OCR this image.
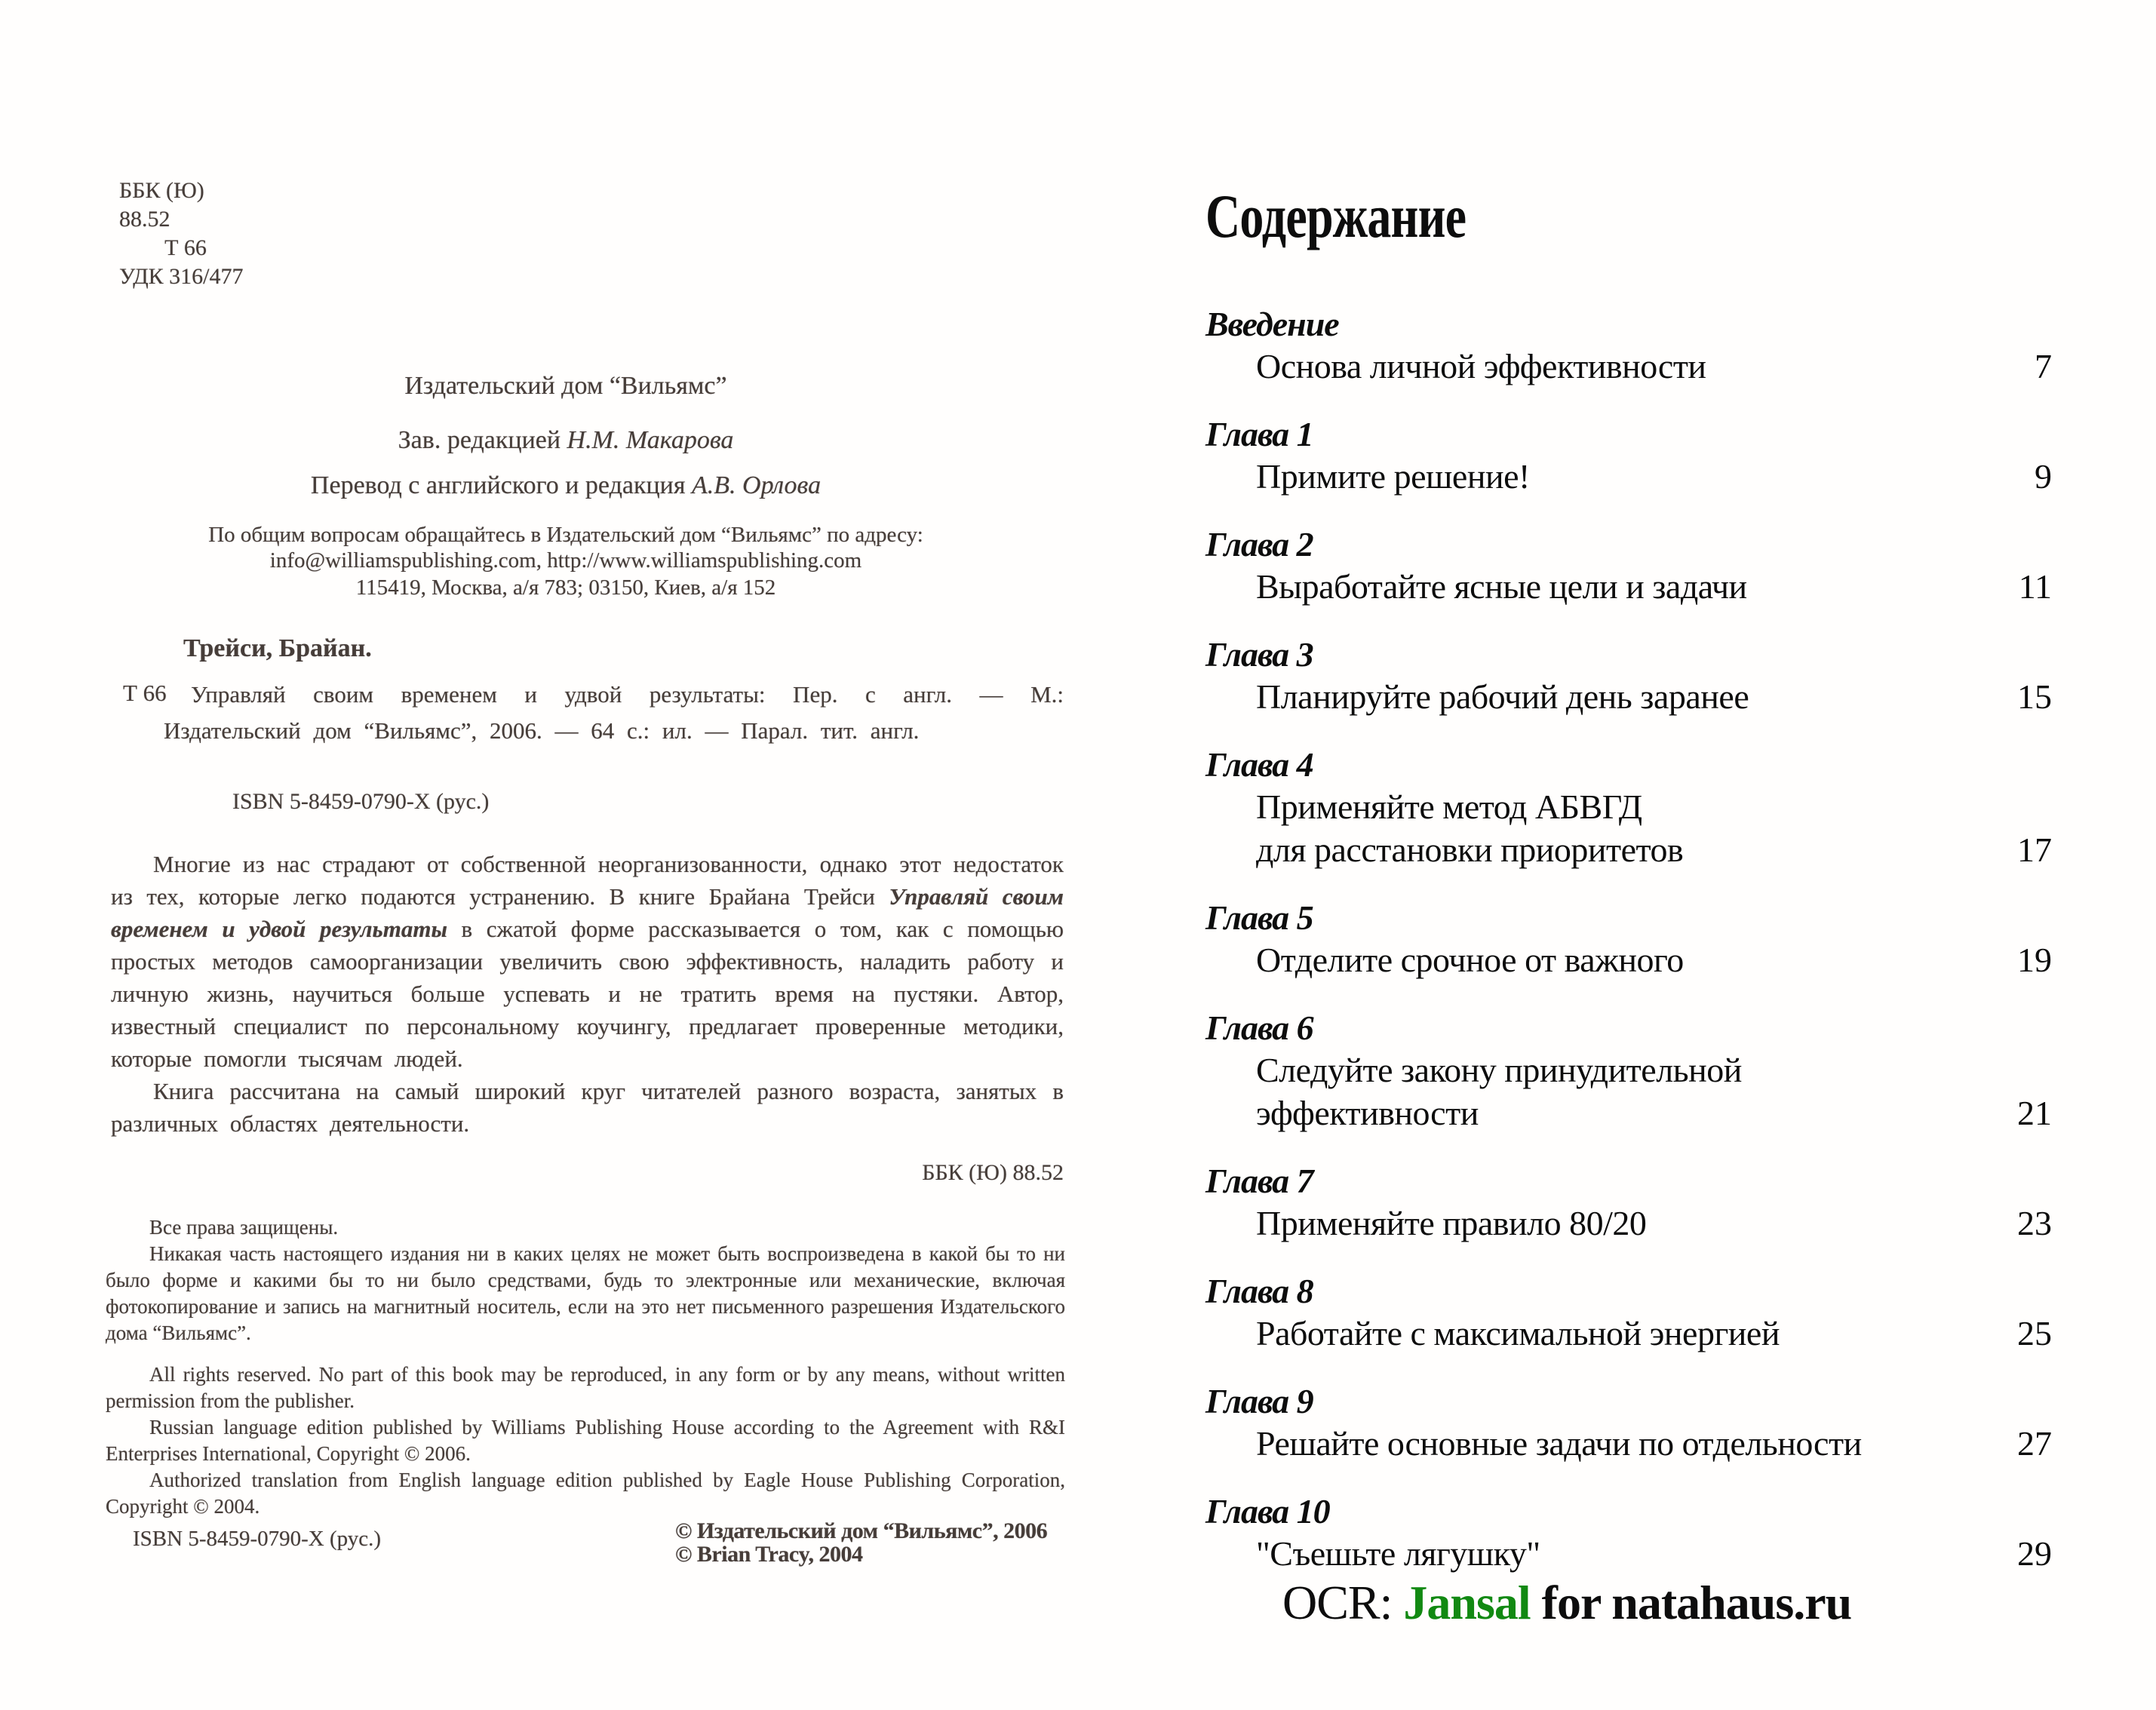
ББК (Ю) 88.52
Т 66
УДК 316/477
Издательский дом “Вильямс”
Зав. редакцией Н.М. Макарова
Перевод с английского и редакция А.В. Орлова
По общим вопросам обращайтесь в Издательский дом “Вильямс” по адресу:
info@williamspublishing.com, http://www.williamspublishing.com
115419, Москва, а/я 783; 03150, Киев, а/я 152
Трейси, Брайан.
Т 66	Управляй своим временем и удвой результаты: Пер. с англ. — М.: Издательский дом “Вильямс”, 2006. — 64 с.: ил. — Парал. тит. англ.
ISBN 5-8459-0790-X (рус.)

Многие из нас страдают от собственной неорганизованности, однако этот недостаток из тех, которые легко подаются устранению. В книге Брайана Трейси Управляй своим временем и удвой результаты в сжатой форме рассказывается о том, как с помощью простых методов самоорганизации увеличить свою эффективность, наладить работу и личную жизнь, научиться больше успевать и не тратить время на пустяки. Автор, известный специалист по персональному коучингу, предлагает проверенные методики, которые помогли тысячам людей.

Книга рассчитана на самый широкий круг читателей разного возраста, занятых в различных областях деятельности.

ББК (Ю) 88.52

Все права защищены.

Никакая часть настоящего издания ни в каких целях не может быть воспроизведена в какой бы то ни было форме и какими бы то ни было средствами, будь то электронные или механические, включая фотокопирование и запись на магнитный носитель, если на это нет письменного разрешения Издательского дома “Вильямс”.

All rights reserved. No part of this book may be reproduced, in any form or by any means, without written permission from the publisher.

Russian language edition published by Williams Publishing House according to the Agreement with R&I Enterprises International, Copyright © 2006.

Authorized translation from English language edition published by Eagle House Publishing Corporation, Copyright © 2004.

ISBN 5-8459-0790-X (рус.)	© Издательский дом “Вильямс”, 2006
© Brian Tracy, 2004
Содержание
Введение
Основа личной эффективности	7
Глава 1
Примите решение!	9
Глава 2
Выработайте ясные цели и задачи	11
Глава 3
Планируйте рабочий день заранее	15
Глава 4
Применяйте метод АБВГД
для расстановки приоритетов	17
Глава 5
Отделите срочное от важного	19
Глава 6
Следуйте закону принудительной
эффективности	21
Глава 7
Применяйте правило 80/20	23
Глава 8
Работайте с максимальной энергией	25
Глава 9
Решайте основные задачи по отдельности	27
Глава 10
"Съешьте лягушку"	29
OCR: Jansal for natahaus.ru
